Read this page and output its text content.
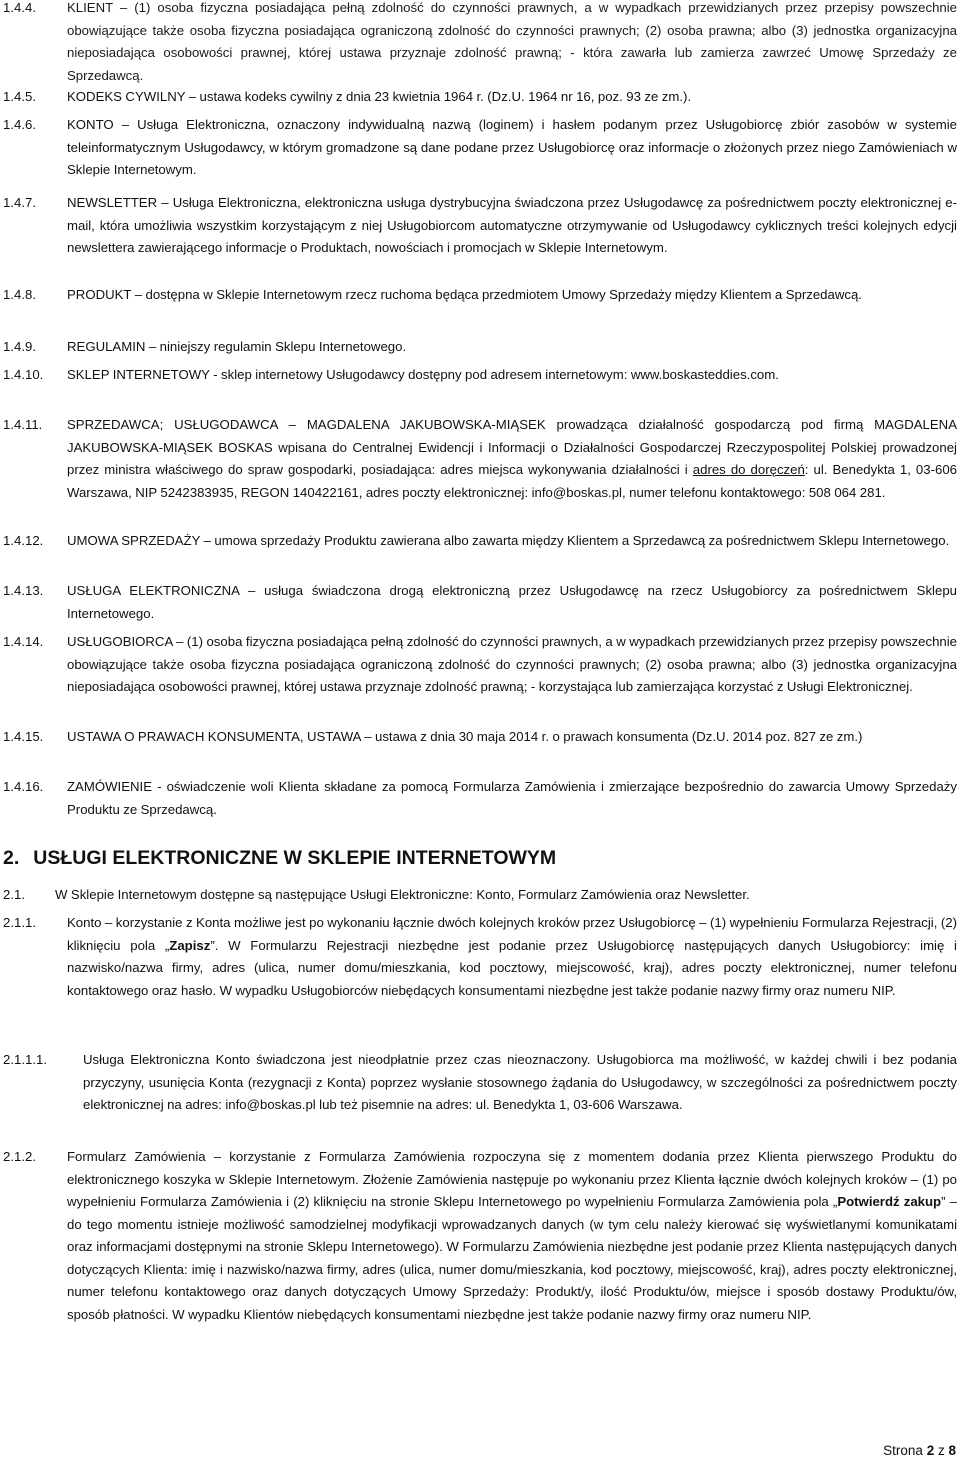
1.4.4. KLIENT – (1) osoba fizyczna posiadająca pełną zdolność do czynności prawnych, a w wypadkach przewidzianych przez przepisy powszechnie obowiązujące także osoba fizyczna posiadająca ograniczoną zdolność do czynności prawnych; (2) osoba prawna; albo (3) jednostka organizacyjna nieposiadająca osobowości prawnej, której ustawa przyznaje zdolność prawną; - która zawarła lub zamierza zawrzeć Umowę Sprzedaży ze Sprzedawcą.
1.4.5. KODEKS CYWILNY – ustawa kodeks cywilny z dnia 23 kwietnia 1964 r. (Dz.U. 1964 nr 16, poz. 93 ze zm.).
1.4.6. KONTO – Usługa Elektroniczna, oznaczony indywidualną nazwą (loginem) i hasłem podanym przez Usługobiorcę zbiór zasobów w systemie teleinformatycznym Usługodawcy, w którym gromadzone są dane podane przez Usługobiorcę oraz informacje o złożonych przez niego Zamówieniach w Sklepie Internetowym.
1.4.7. NEWSLETTER – Usługa Elektroniczna, elektroniczna usługa dystrybucyjna świadczona przez Usługodawcę za pośrednictwem poczty elektronicznej e-mail, która umożliwia wszystkim korzystającym z niej Usługobiorcom automatyczne otrzymywanie od Usługodawcy cyklicznych treści kolejnych edycji newslettera zawierającego informacje o Produktach, nowościach i promocjach w Sklepie Internetowym.
1.4.8. PRODUKT – dostępna w Sklepie Internetowym rzecz ruchoma będąca przedmiotem Umowy Sprzedaży między Klientem a Sprzedawcą.
1.4.9. REGULAMIN – niniejszy regulamin Sklepu Internetowego.
1.4.10. SKLEP INTERNETOWY - sklep internetowy Usługodawcy dostępny pod adresem internetowym: www.boskasteddies.com.
1.4.11. SPRZEDAWCA; USŁUGODAWCA – MAGDALENA JAKUBOWSKA-MIĄSEK prowadząca działalność gospodarczą pod firmą MAGDALENA JAKUBOWSKA-MIĄSEK BOSKAS wpisana do Centralnej Ewidencji i Informacji o Działalności Gospodarczej Rzeczypospolitej Polskiej prowadzonej przez ministra właściwego do spraw gospodarki, posiadająca: adres miejsca wykonywania działalności i adres do doręczeń: ul. Benedykta 1, 03-606 Warszawa, NIP 5242383935, REGON 140422161, adres poczty elektronicznej: info@boskas.pl, numer telefonu kontaktowego: 508 064 281.
1.4.12. UMOWA SPRZEDAŻY – umowa sprzedaży Produktu zawierana albo zawarta między Klientem a Sprzedawcą za pośrednictwem Sklepu Internetowego.
1.4.13. USŁUGA ELEKTRONICZNA – usługa świadczona drogą elektroniczną przez Usługodawcę na rzecz Usługobiorcy za pośrednictwem Sklepu Internetowego.
1.4.14. USŁUGOBIORCA – (1) osoba fizyczna posiadająca pełną zdolność do czynności prawnych, a w wypadkach przewidzianych przez przepisy powszechnie obowiązujące także osoba fizyczna posiadająca ograniczoną zdolność do czynności prawnych; (2) osoba prawna; albo (3) jednostka organizacyjna nieposiadająca osobowości prawnej, której ustawa przyznaje zdolność prawną; - korzystająca lub zamierzająca korzystać z Usługi Elektronicznej.
1.4.15. USTAWA O PRAWACH KONSUMENTA, USTAWA – ustawa z dnia 30 maja 2014 r. o prawach konsumenta (Dz.U. 2014 poz. 827 ze zm.)
1.4.16. ZAMÓWIENIE - oświadczenie woli Klienta składane za pomocą Formularza Zamówienia i zmierzające bezpośrednio do zawarcia Umowy Sprzedaży Produktu ze Sprzedawcą.
2. USŁUGI ELEKTRONICZNE W SKLEPIE INTERNETOWYM
2.1. W Sklepie Internetowym dostępne są następujące Usługi Elektroniczne: Konto, Formularz Zamówienia oraz Newsletter.
2.1.1. Konto – korzystanie z Konta możliwe jest po wykonaniu łącznie dwóch kolejnych kroków przez Usługobiorcę – (1) wypełnieniu Formularza Rejestracji, (2) kliknięciu pola „Zapisz”. W Formularzu Rejestracji niezbędne jest podanie przez Usługobiorcę następujących danych Usługobiorcy: imię i nazwisko/nazwa firmy, adres (ulica, numer domu/mieszkania, kod pocztowy, miejscowość, kraj), adres poczty elektronicznej, numer telefonu kontaktowego oraz hasło. W wypadku Usługobiorców niebędących konsumentami niezbędne jest także podanie nazwy firmy oraz numeru NIP.
2.1.1.1.	Usługa Elektroniczna Konto świadczona jest nieodpłatnie przez czas nieoznaczony. Usługobiorca ma możliwość, w każdej chwili i bez podania przyczyny, usunięcia Konta (rezygnacji z Konta) poprzez wysłanie stosownego żądania do Usługodawcy, w szczególności za pośrednictwem poczty elektronicznej na adres: info@boskas.pl lub też pisemnie na adres: ul. Benedykta 1, 03-606 Warszawa.
2.1.2. Formularz Zamówienia – korzystanie z Formularza Zamówienia rozpoczyna się z momentem dodania przez Klienta pierwszego Produktu do elektronicznego koszyka w Sklepie Internetowym. Złożenie Zamówienia następuje po wykonaniu przez Klienta łącznie dwóch kolejnych kroków – (1) po wypełnieniu Formularza Zamówienia i (2) kliknięciu na stronie Sklepu Internetowego po wypełnieniu Formularza Zamówienia pola „Potwierdź zakup” – do tego momentu istnieje możliwość samodzielnej modyfikacji wprowadzanych danych (w tym celu należy kierować się wyświetlanymi komunikatami oraz informacjami dostępnymi na stronie Sklepu Internetowego). W Formularzu Zamówienia niezbędne jest podanie przez Klienta następujących danych dotyczących Klienta: imię i nazwisko/nazwa firmy, adres (ulica, numer domu/mieszkania, kod pocztowy, miejscowość, kraj), adres poczty elektronicznej, numer telefonu kontaktowego oraz danych dotyczących Umowy Sprzedaży: Produkt/y, ilość Produktu/ów, miejsce i sposób dostawy Produktu/ów, sposób płatności. W wypadku Klientów niebędących konsumentami niezbędne jest także podanie nazwy firmy oraz numeru NIP.
Strona 2 z 8
